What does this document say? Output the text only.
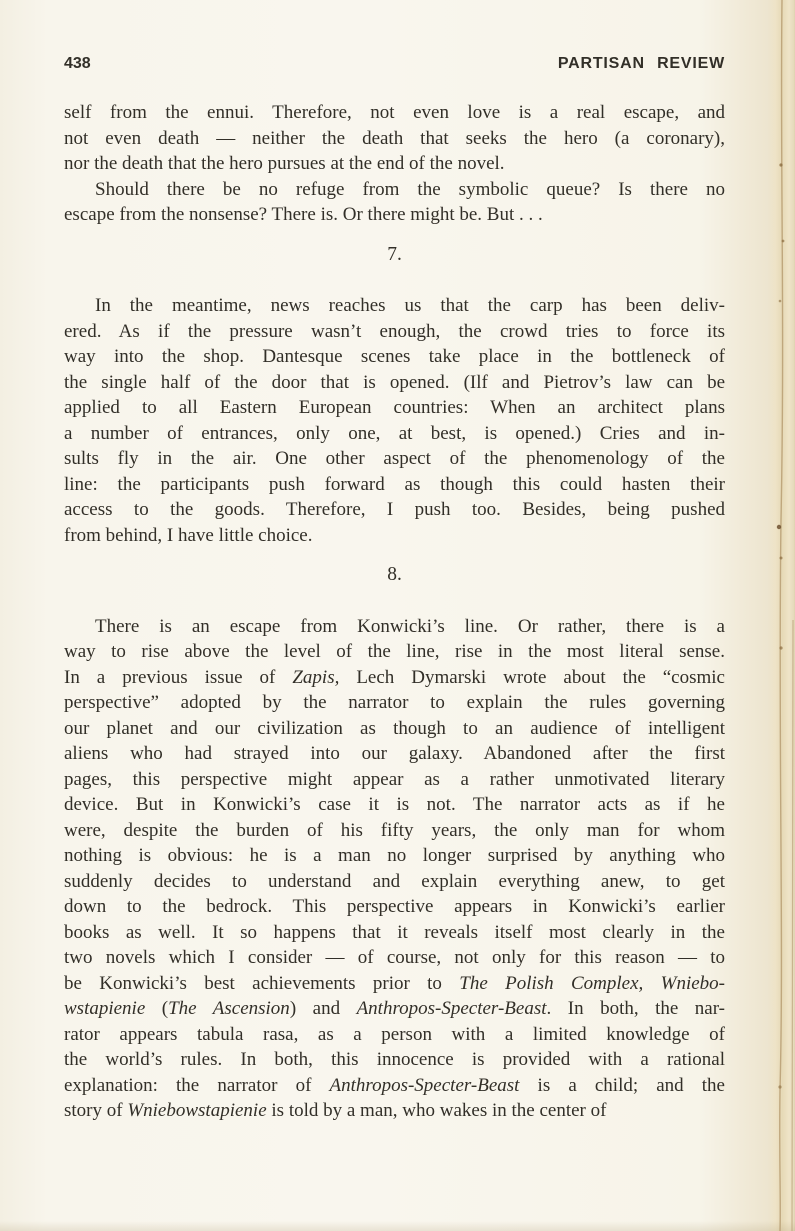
438	PARTISAN REVIEW
self from the ennui. Therefore, not even love is a real escape, and
not even death — neither the death that seeks the hero (a coronary),
nor the death that the hero pursues at the end of the novel.
Should there be no refuge from the symbolic queue? Is there no
escape from the nonsense? There is. Or there might be. But . . .
7.
In the meantime, news reaches us that the carp has been deliv-
ered. As if the pressure wasn’t enough, the crowd tries to force its
way into the shop. Dantesque scenes take place in the bottleneck of
the single half of the door that is opened. (Ilf and Pietrov’s law can be
applied to all Eastern European countries: When an architect plans
a number of entrances, only one, at best, is opened.) Cries and in-
sults fly in the air. One other aspect of the phenomenology of the
line: the participants push forward as though this could hasten their
access to the goods. Therefore, I push too. Besides, being pushed
from behind, I have little choice.
8.
There is an escape from Konwicki’s line. Or rather, there is a
way to rise above the level of the line, rise in the most literal sense.
In a previous issue of Zapis, Lech Dymarski wrote about the “cosmic
perspective” adopted by the narrator to explain the rules governing
our planet and our civilization as though to an audience of intelligent
aliens who had strayed into our galaxy. Abandoned after the first
pages, this perspective might appear as a rather unmotivated literary
device. But in Konwicki’s case it is not. The narrator acts as if he
were, despite the burden of his fifty years, the only man for whom
nothing is obvious: he is a man no longer surprised by anything who
suddenly decides to understand and explain everything anew, to get
down to the bedrock. This perspective appears in Konwicki’s earlier
books as well. It so happens that it reveals itself most clearly in the
two novels which I consider — of course, not only for this reason — to
be Konwicki’s best achievements prior to The Polish Complex, Wniebo-
wstapienie (The Ascension) and Anthropos-Specter-Beast. In both, the nar-
rator appears tabula rasa, as a person with a limited knowledge of
the world’s rules. In both, this innocence is provided with a rational
explanation: the narrator of Anthropos-Specter-Beast is a child; and the
story of Wniebowstapienie is told by a man, who wakes in the center of
